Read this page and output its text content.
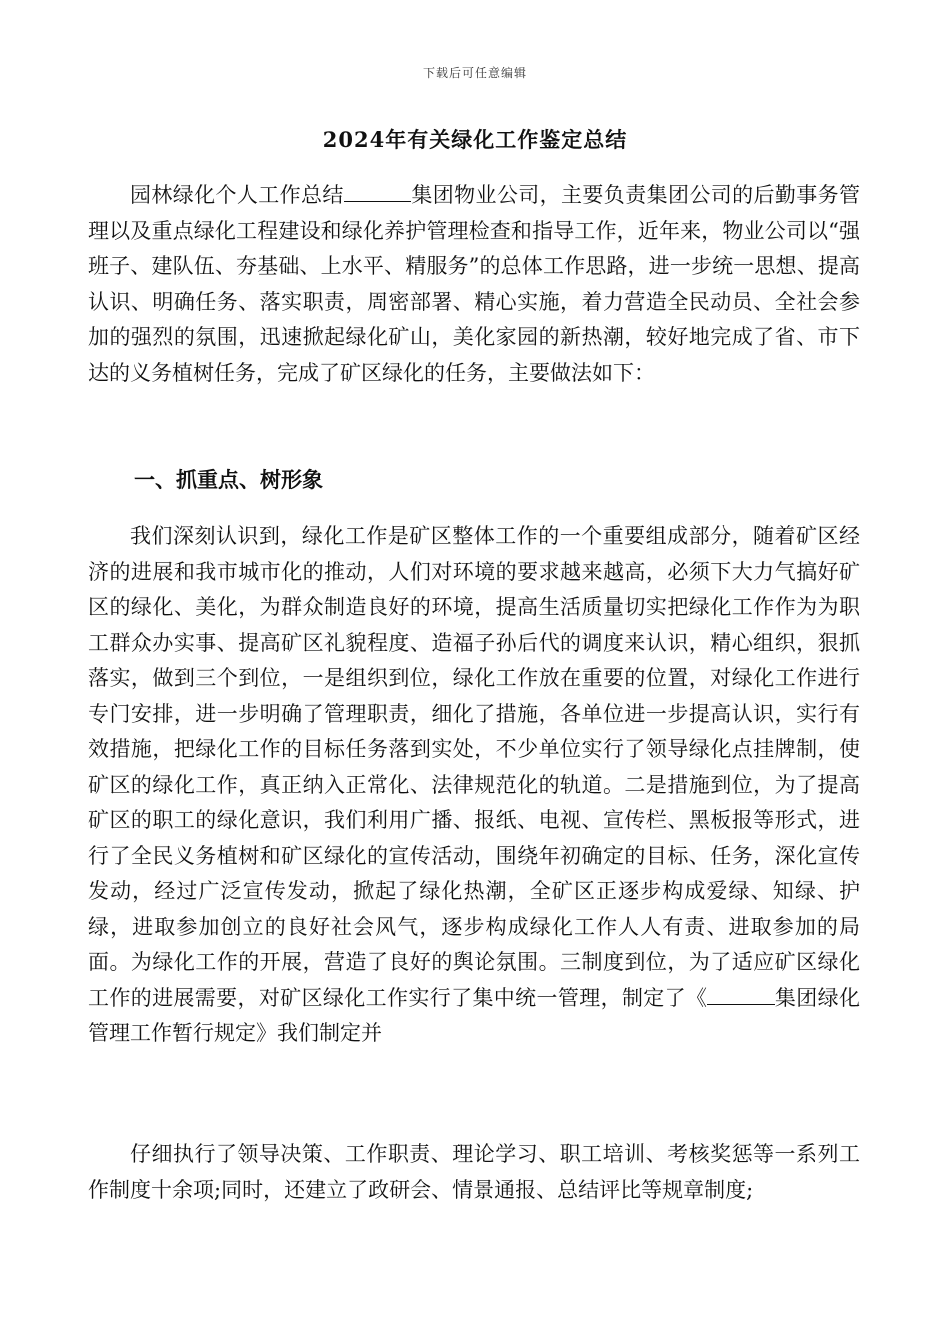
下载后可任意编辑
2024年有关绿化工作鉴定总结

园林绿化个人工作总结	集团物业公司，主要负责集团公司的后勤事务管理以及重点绿化工程建设和绿化养护管理检查和指导工作，近年来，物业公司以“强班子、建队伍、夯基础、上水平、精服务”的总体工作思路，进一步统一思想、提高认识、明确任务、落实职责，周密部署、精心实施，着力营造全民动员、全社会参加的强烈的氛围，迅速掀起绿化矿山，美化家园的新热潮，较好地完成了省、市下达的义务植树任务，完成了矿区绿化的任务，主要做法如下：

一、抓重点、树形象

我们深刻认识到，绿化工作是矿区整体工作的一个重要组成部分，随着矿区经济的进展和我市城市化的推动，人们对环境的要求越来越高，必须下大力气搞好矿区的绿化、美化，为群众制造良好的环境，提高生活质量切实把绿化工作作为为职工群众办实事、提高矿区礼貌程度、造福子孙后代的调度来认识，精心组织，狠抓落实，做到三个到位，一是组织到位，绿化工作放在重要的位置，对绿化工作进行专门安排，进一步明确了管理职责，细化了措施，各单位进一步提高认识，实行有效措施，把绿化工作的目标任务落到实处，不少单位实行了领导绿化点挂牌制，使矿区的绿化工作，真正纳入正常化、法律规范化的轨道。二是措施到位，为了提高矿区的职工的绿化意识，我们利用广播、报纸、电视、宣传栏、黑板报等形式，进行了全民义务植树和矿区绿化的宣传活动，围绕年初确定的目标、任务，深化宣传发动，经过广泛宣传发动，掀起了绿化热潮，全矿区正逐步构成爱绿、知绿、护绿，进取参加创立的良好社会风气，逐步构成绿化工作人人有责、进取参加的局面。为绿化工作的开展，营造了良好的舆论氛围。三制度到位，为了适应矿区绿化工作的进展需要，对矿区绿化工作实行了集中统一管理，制定了《	集团绿化管理工作暂行规定》我们制定并

仔细执行了领导决策、工作职责、理论学习、职工培训、考核奖惩等一系列工作制度十余项;同时，还建立了政研会、情景通报、总结评比等规章制度;
